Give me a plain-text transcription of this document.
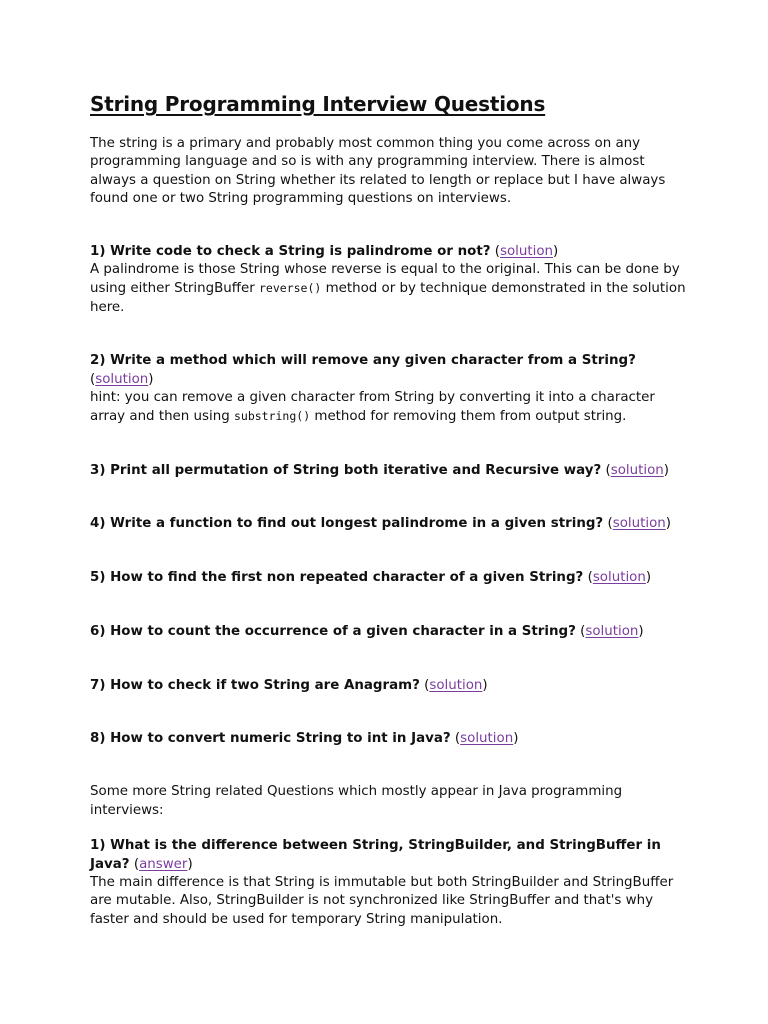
String Programming Interview Questions

The string is a primary and probably most common thing you come across on any programming language and so is with any programming interview. There is almost always a question on String whether its related to length or replace but I have always found one or two String programming questions on interviews.

1) Write code to check a String is palindrome or not? (solution)
A palindrome is those String whose reverse is equal to the original. This can be done by using either StringBuffer reverse() method or by technique demonstrated in the solution here.

2) Write a method which will remove any given character from a String? (solution)
hint: you can remove a given character from String by converting it into a character array and then using substring() method for removing them from output string.

3) Print all permutation of String both iterative and Recursive way? (solution)

4) Write a function to find out longest palindrome in a given string? (solution)

5) How to find the first non repeated character of a given String? (solution)

6) How to count the occurrence of a given character in a String? (solution)

7) How to check if two String are Anagram? (solution)

8) How to convert numeric String to int in Java? (solution)

Some more String related Questions which mostly appear in Java programming interviews:

1) What is the difference between String, StringBuilder, and StringBuffer in Java? (answer)
The main difference is that String is immutable but both StringBuilder and StringBuffer are mutable. Also, StringBuilder is not synchronized like StringBuffer and that's why faster and should be used for temporary String manipulation.
